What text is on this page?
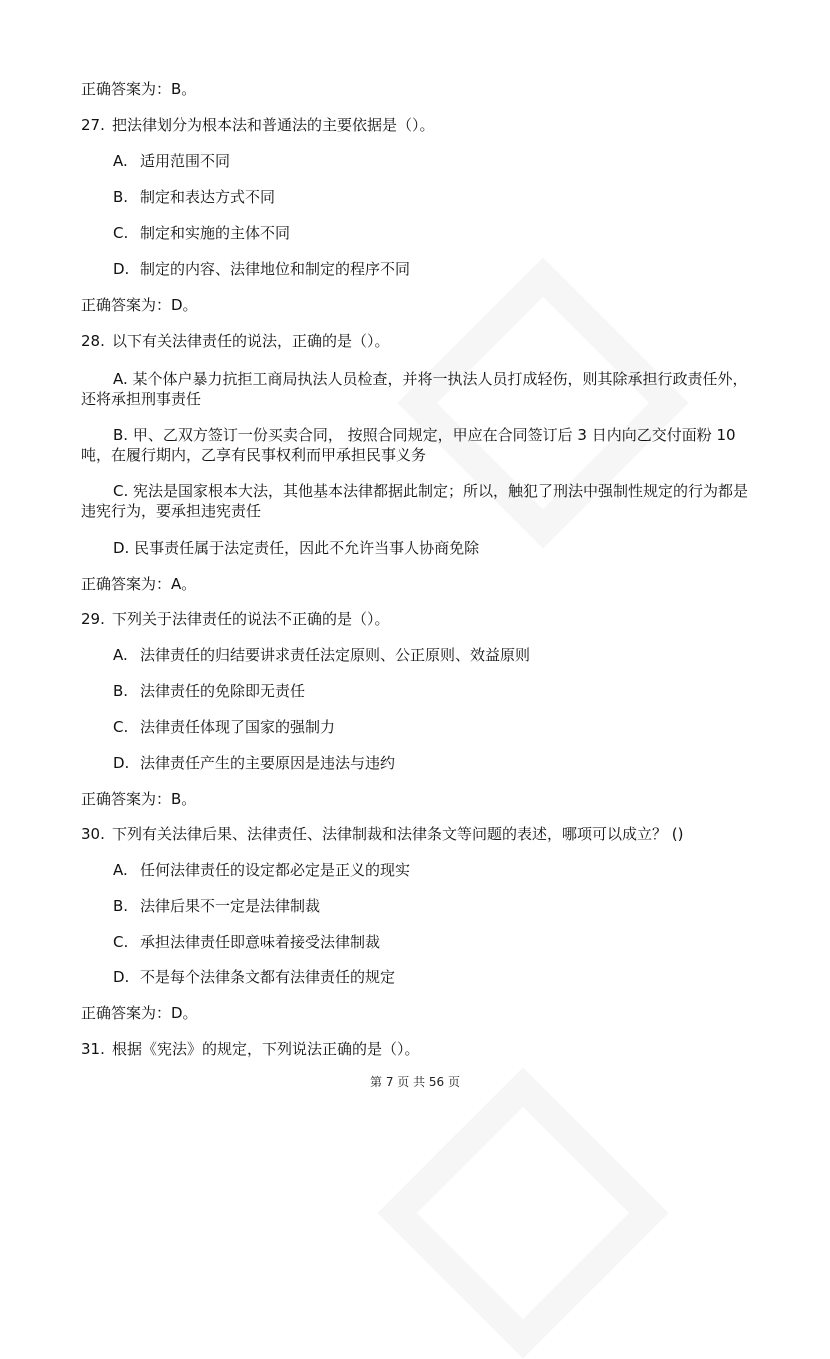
正确答案为：B。
27. 把法律划分为根本法和普通法的主要依据是（）。
A. 适用范围不同
B. 制定和表达方式不同
C. 制定和实施的主体不同
D. 制定的内容、法律地位和制定的程序不同
正确答案为：D。
28. 以下有关法律责任的说法，正确的是（）。
A. 某个体户暴力抗拒工商局执法人员检查，并将一执法人员打成轻伤，则其除承担行政责任外，还将承担刑事责任
B. 甲、乙双方签订一份买卖合同， 按照合同规定，甲应在合同签订后 3 日内向乙交付面粉 10 吨，在履行期内，乙享有民事权利而甲承担民事义务
C. 宪法是国家根本大法，其他基本法律都据此制定；所以，触犯了刑法中强制性规定的行为都是违宪行为，要承担违宪责任
D. 民事责任属于法定责任，因此不允许当事人协商免除
正确答案为：A。
29. 下列关于法律责任的说法不正确的是（）。
A. 法律责任的归结要讲求责任法定原则、公正原则、效益原则
B. 法律责任的免除即无责任
C. 法律责任体现了国家的强制力
D. 法律责任产生的主要原因是违法与违约
正确答案为：B。
30. 下列有关法律后果、法律责任、法律制裁和法律条文等问题的表述，哪项可以成立？ ()
A. 任何法律责任的设定都必定是正义的现实
B. 法律后果不一定是法律制裁
C. 承担法律责任即意味着接受法律制裁
D. 不是每个法律条文都有法律责任的规定
正确答案为：D。
31. 根据《宪法》的规定，下列说法正确的是（）。
第 7 页 共 56 页
